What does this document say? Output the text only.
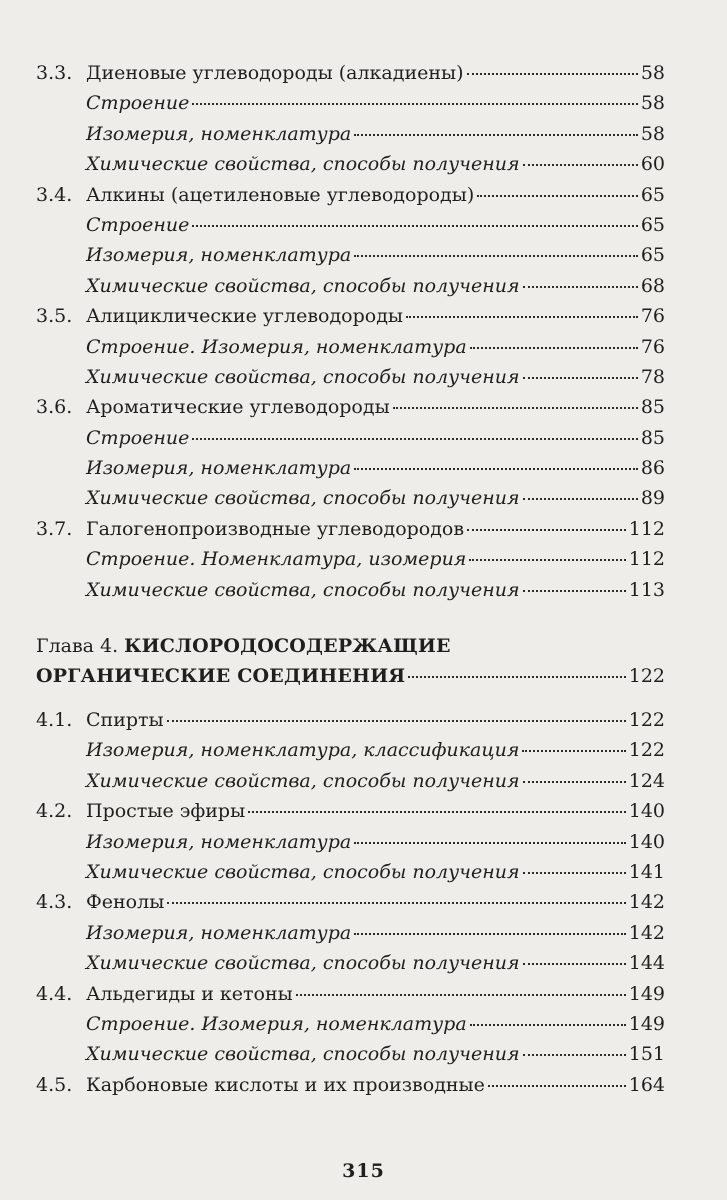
3.3. Диеновые углеводороды (алкадиены)	58
Строение	58
Изомерия, номенклатура	58
Химические свойства, способы получения	60
3.4. Алкины (ацетиленовые углеводороды)	65
Строение	65
Изомерия, номенклатура	65
Химические свойства, способы получения	68
3.5. Алициклические углеводороды	76
Строение. Изомерия, номенклатура	76
Химические свойства, способы получения	78
3.6. Ароматические углеводороды	85
Строение	85
Изомерия, номенклатура	86
Химические свойства, способы получения	89
3.7. Галогенопроизводные углеводородов	112
Строение. Номенклатура, изомерия	112
Химические свойства, способы получения	113
Глава 4. КИСЛОРОДОСОДЕРЖАЩИЕ
ОРГАНИЧЕСКИЕ СОЕДИНЕНИЯ	122
4.1. Спирты	122
Изомерия, номенклатура, классификация	122
Химические свойства, способы получения	124
4.2. Простые эфиры	140
Изомерия, номенклатура	140
Химические свойства, способы получения	141
4.3. Фенолы	142
Изомерия, номенклатура	142
Химические свойства, способы получения	144
4.4. Альдегиды и кетоны	149
Строение. Изомерия, номенклатура	149
Химические свойства, способы получения	151
4.5. Карбоновые кислоты и их производные	164
315
